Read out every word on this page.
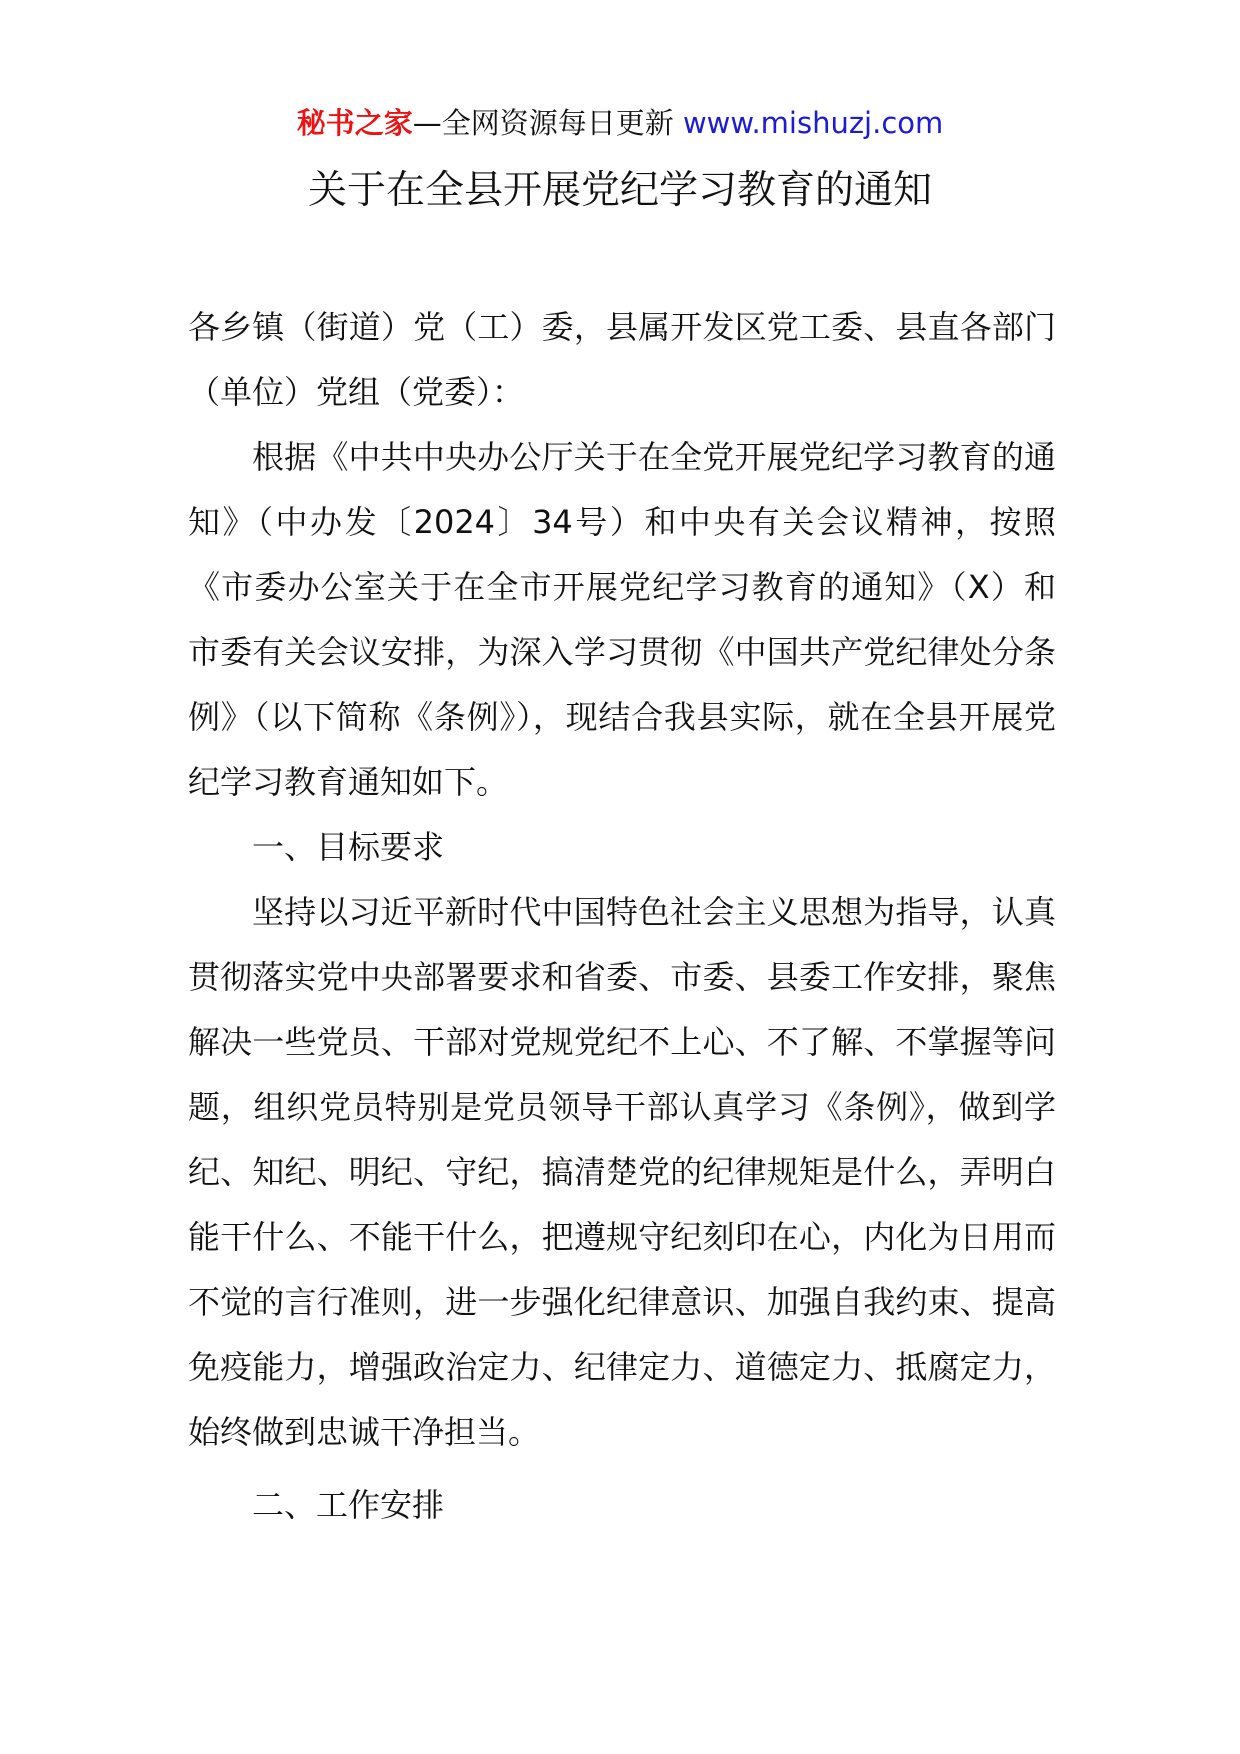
秘书之家—全网资源每日更新 www.mishuzj.com
关于在全县开展党纪学习教育的通知

各乡镇（街道）党（工）委，县属开发区党工委、县直各部门（单位）党组（党委）：

根据《中共中央办公厅关于在全党开展党纪学习教育的通知》（中办发〔2024〕34号）和中央有关会议精神，按照《市委办公室关于在全市开展党纪学习教育的通知》（X）和市委有关会议安排，为深入学习贯彻《中国共产党纪律处分条例》（以下简称《条例》），现结合我县实际，就在全县开展党纪学习教育通知如下。

一、目标要求

坚持以习近平新时代中国特色社会主义思想为指导，认真贯彻落实党中央部署要求和省委、市委、县委工作安排，聚焦解决一些党员、干部对党规党纪不上心、不了解、不掌握等问题，组织党员特别是党员领导干部认真学习《条例》，做到学纪、知纪、明纪、守纪，搞清楚党的纪律规矩是什么，弄明白能干什么、不能干什么，把遵规守纪刻印在心，内化为日用而不觉的言行准则，进一步强化纪律意识、加强自我约束、提高免疫能力，增强政治定力、纪律定力、道德定力、抵腐定力，始终做到忠诚干净担当。

二、工作安排
